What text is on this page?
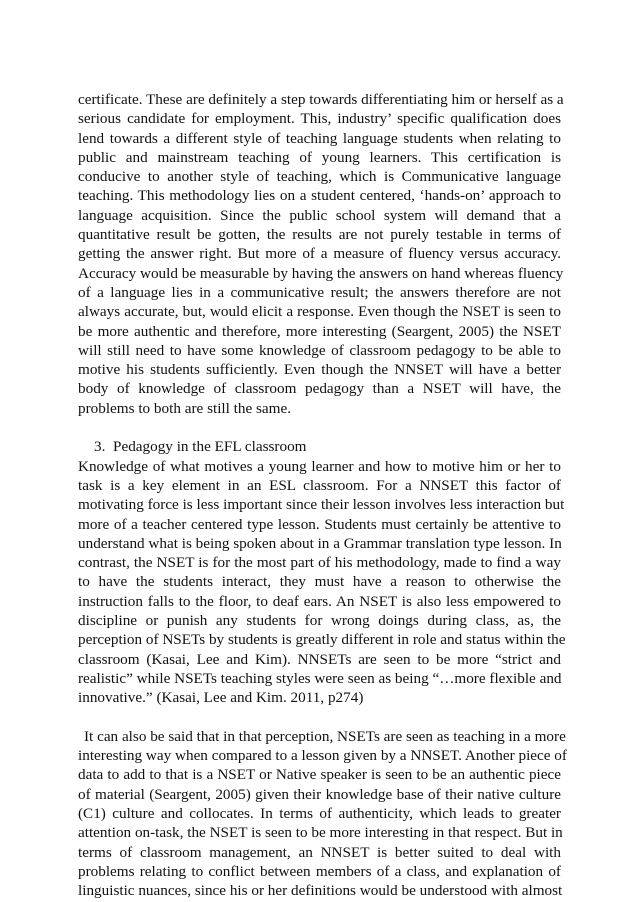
certificate. These are definitely a step towards differentiating him or herself as a
serious candidate for employment. This, industry’ specific qualification does
lend towards a different style of teaching language students when relating to
public and mainstream teaching of young learners. This certification is
conducive to another style of teaching, which is Communicative language
teaching. This methodology lies on a student centered, ‘hands-on’ approach to
language acquisition. Since the public school system will demand that a
quantitative result be gotten, the results are not purely testable in terms of
getting the answer right. But more of a measure of fluency versus accuracy.
Accuracy would be measurable by having the answers on hand whereas fluency
of a language lies in a communicative result; the answers therefore are not
always accurate, but, would elicit a response. Even though the NSET is seen to
be more authentic and therefore, more interesting (Seargent, 2005) the NSET
will still need to have some knowledge of classroom pedagogy to be able to
motive his students sufficiently. Even though the NNSET will have a better
body of knowledge of classroom pedagogy than a NSET will have, the
problems to both are still the same.
3. Pedagogy in the EFL classroom
Knowledge of what motives a young learner and how to motive him or her to
task is a key element in an ESL classroom. For a NNSET this factor of
motivating force is less important since their lesson involves less interaction but
more of a teacher centered type lesson. Students must certainly be attentive to
understand what is being spoken about in a Grammar translation type lesson. In
contrast, the NSET is for the most part of his methodology, made to find a way
to have the students interact, they must have a reason to otherwise the
instruction falls to the floor, to deaf ears. An NSET is also less empowered to
discipline or punish any students for wrong doings during class, as, the
perception of NSETs by students is greatly different in role and status within the
classroom (Kasai, Lee and Kim). NNSETs are seen to be more “strict and
realistic” while NSETs teaching styles were seen as being “…more flexible and
innovative.” (Kasai, Lee and Kim. 2011, p274)
It can also be said that in that perception, NSETs are seen as teaching in a more
interesting way when compared to a lesson given by a NNSET. Another piece of
data to add to that is a NSET or Native speaker is seen to be an authentic piece
of material (Seargent, 2005) given their knowledge base of their native culture
(C1) culture and collocates. In terms of authenticity, which leads to greater
attention on-task, the NSET is seen to be more interesting in that respect. But in
terms of classroom management, an NNSET is better suited to deal with
problems relating to conflict between members of a class, and explanation of
linguistic nuances, since his or her definitions would be understood with almost
